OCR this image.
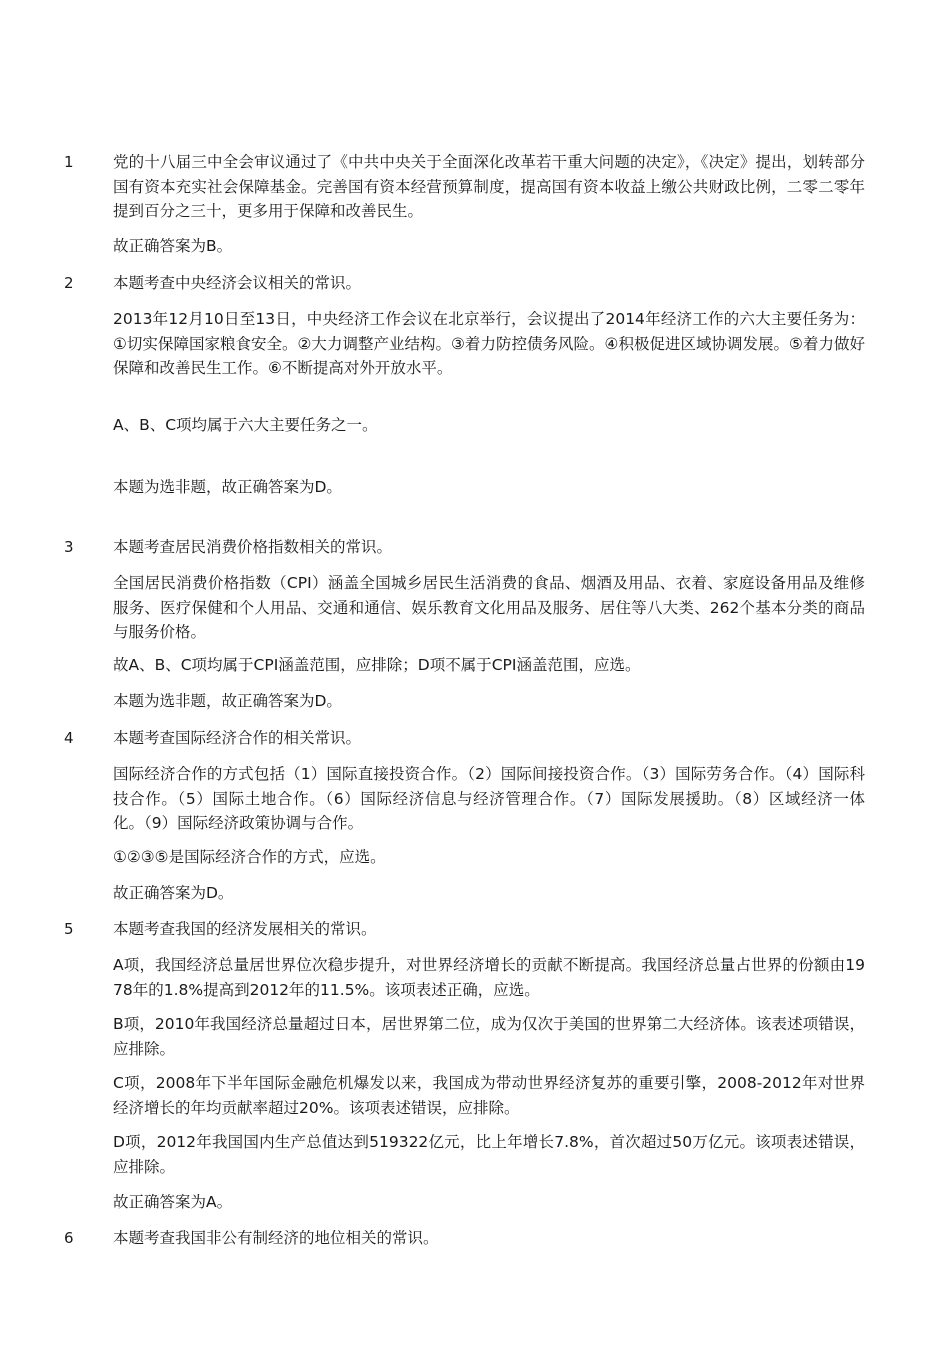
1	党的十八届三中全会审议通过了《中共中央关于全面深化改革若干重大问题的决定》，《决定》提出，划转部分国有资本充实社会保障基金。完善国有资本经营预算制度，提高国有资本收益上缴公共财政比例，二零二零年提到百分之三十，更多用于保障和改善民生。

故正确答案为B。

2	本题考查中央经济会议相关的常识。

2013年12月10日至13日，中央经济工作会议在北京举行，会议提出了2014年经济工作的六大主要任务为：①切实保障国家粮食安全。②大力调整产业结构。③着力防控债务风险。④积极促进区域协调发展。⑤着力做好保障和改善民生工作。⑥不断提高对外开放水平。

A、B、C项均属于六大主要任务之一。

本题为选非题，故正确答案为D。

3	本题考查居民消费价格指数相关的常识。

全国居民消费价格指数（CPI）涵盖全国城乡居民生活消费的食品、烟酒及用品、衣着、家庭设备用品及维修服务、医疗保健和个人用品、交通和通信、娱乐教育文化用品及服务、居住等八大类、262个基本分类的商品与服务价格。

故A、B、C项均属于CPI涵盖范围，应排除；D项不属于CPI涵盖范围，应选。

本题为选非题，故正确答案为D。

4	本题考查国际经济合作的相关常识。

国际经济合作的方式包括（1）国际直接投资合作。（2）国际间接投资合作。（3）国际劳务合作。（4）国际科技合作。（5）国际土地合作。（6）国际经济信息与经济管理合作。（7）国际发展援助。（8）区域经济一体化。（9）国际经济政策协调与合作。

①②③⑤是国际经济合作的方式，应选。

故正确答案为D。

5	本题考查我国的经济发展相关的常识。

A项，我国经济总量居世界位次稳步提升，对世界经济增长的贡献不断提高。我国经济总量占世界的份额由1978年的1.8%提高到2012年的11.5%。该项表述正确，应选。

B项，2010年我国经济总量超过日本，居世界第二位，成为仅次于美国的世界第二大经济体。该表述项错误，应排除。

C项，2008年下半年国际金融危机爆发以来，我国成为带动世界经济复苏的重要引擎，2008-2012年对世界经济增长的年均贡献率超过20%。该项表述错误，应排除。

D项，2012年我国国内生产总值达到519322亿元，比上年增长7.8%，首次超过50万亿元。该项表述错误，应排除。

故正确答案为A。

6	本题考查我国非公有制经济的地位相关的常识。
